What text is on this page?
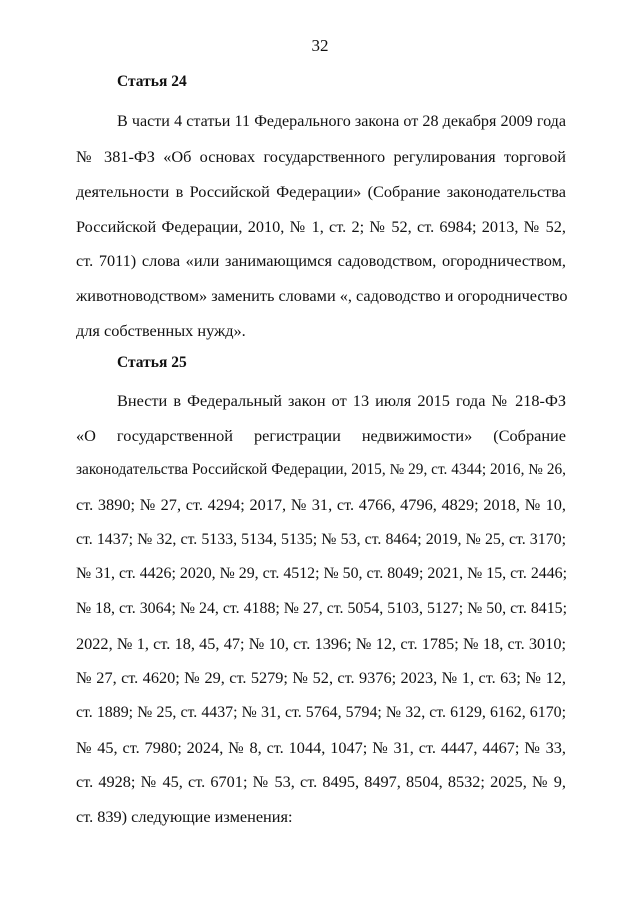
32
Статья 24
В части 4 статьи 11 Федерального закона от 28 декабря 2009 года
№ 381-ФЗ «Об основах государственного регулирования торговой
деятельности в Российской Федерации» (Собрание законодательства
Российской Федерации, 2010, № 1, ст. 2; № 52, ст. 6984; 2013, № 52,
ст. 7011) слова «или занимающимся садоводством, огородничеством,
животноводством» заменить словами «, садоводство и огородничество
для собственных нужд».
Статья 25
Внести в Федеральный закон от 13 июля 2015 года № 218-ФЗ
«О государственной регистрации недвижимости» (Собрание
законодательства Российской Федерации, 2015, № 29, ст. 4344; 2016, № 26,
ст. 3890; № 27, ст. 4294; 2017, № 31, ст. 4766, 4796, 4829; 2018, № 10,
ст. 1437; № 32, ст. 5133, 5134, 5135; № 53, ст. 8464; 2019, № 25, ст. 3170;
№ 31, ст. 4426; 2020, № 29, ст. 4512; № 50, ст. 8049; 2021, № 15, ст. 2446;
№ 18, ст. 3064; № 24, ст. 4188; № 27, ст. 5054, 5103, 5127; № 50, ст. 8415;
2022, № 1, ст. 18, 45, 47; № 10, ст. 1396; № 12, ст. 1785; № 18, ст. 3010;
№ 27, ст. 4620; № 29, ст. 5279; № 52, ст. 9376; 2023, № 1, ст. 63; № 12,
ст. 1889; № 25, ст. 4437; № 31, ст. 5764, 5794; № 32, ст. 6129, 6162, 6170;
№ 45, ст. 7980; 2024, № 8, ст. 1044, 1047; № 31, ст. 4447, 4467; № 33,
ст. 4928; № 45, ст. 6701; № 53, ст. 8495, 8497, 8504, 8532; 2025, № 9,
ст. 839) следующие изменения:
